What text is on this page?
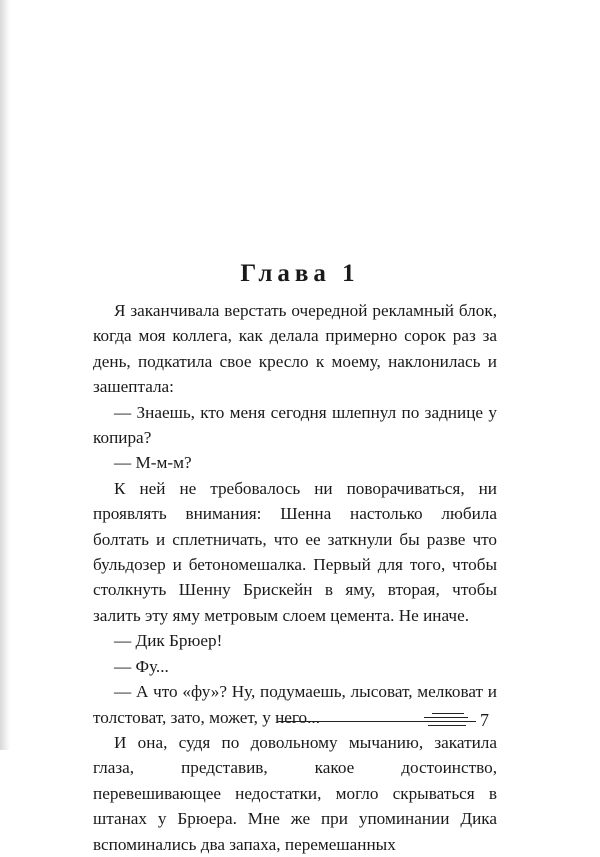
Глава 1

Я заканчивала верстать очередной рекламный блок, когда моя коллега, как делала примерно сорок раз за день, подкатила свое кресло к моему, наклонилась и зашептала:

— Знаешь, кто меня сегодня шлепнул по заднице у копира?

— М-м-м?

К ней не требовалось ни поворачиваться, ни проявлять внимания: Шенна настолько любила болтать и сплетничать, что ее заткнули бы разве что бульдозер и бетономешалка. Первый для того, чтобы столкнуть Шенну Брискейн в яму, вторая, чтобы залить эту яму метровым слоем цемента. Не иначе.

— Дик Брюер!

— Фу...

— А что «фу»? Ну, подумаешь, лысоват, мелковат и толстоват, зато, может, у него...

И она, судя по довольному мычанию, закатила глаза, представив, какое достоинство, перевешивающее недостатки, могло скрываться в штанах у Брюера. Мне же при упоминании Дика вспоминались два запаха, перемешанных

7
